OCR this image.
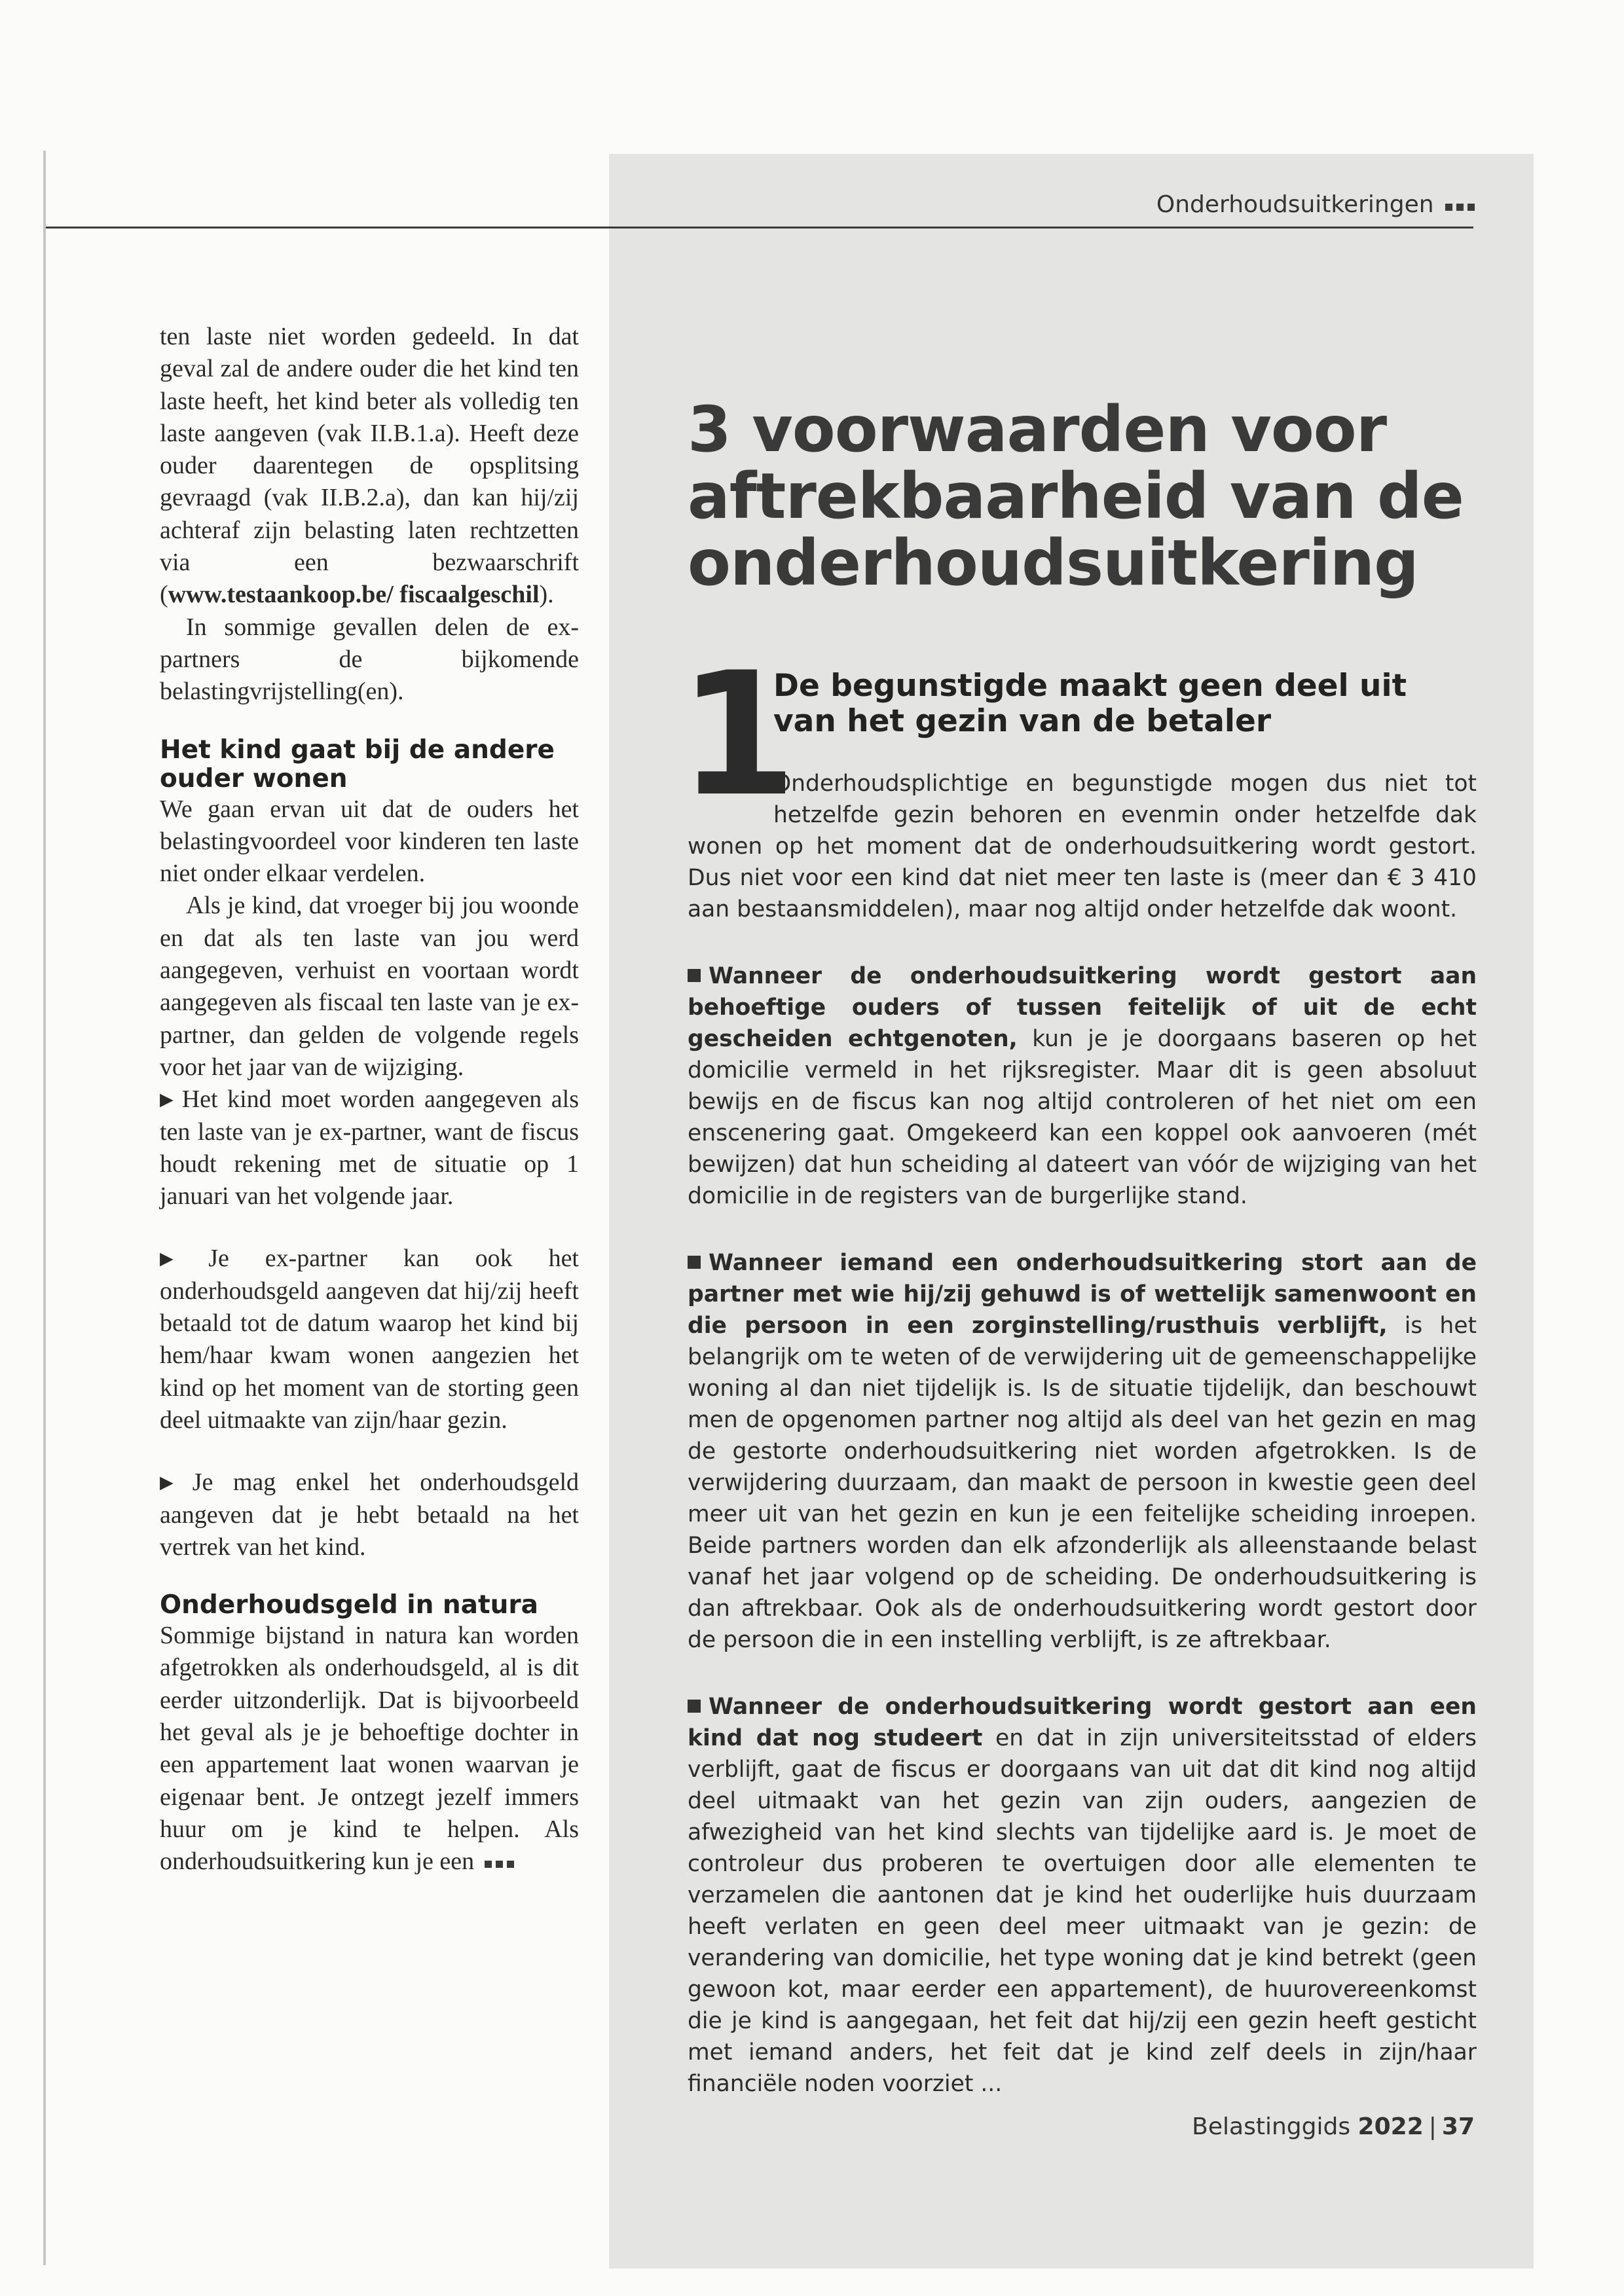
Onderhoudsuitkeringen

ten laste niet worden gedeeld. In dat geval zal de andere ouder die het kind ten laste heeft, het kind beter als volledig ten laste aangeven (vak II.B.1.a). Heeft deze ouder daarentegen de opsplitsing gevraagd (vak II.B.2.a), dan kan hij/zij achteraf zijn belasting laten rechtzetten via een bezwaarschrift (www.testaankoop.be/ fiscaalgeschil).

In sommige gevallen delen de ex-partners de bijkomende belastingvrijstelling(en).

Het kind gaat bij de andere ouder wonen

We gaan ervan uit dat de ouders het belastingvoordeel voor kinderen ten laste niet onder elkaar verdelen.

Als je kind, dat vroeger bij jou woonde en dat als ten laste van jou werd aangegeven, verhuist en voortaan wordt aangegeven als fiscaal ten laste van je ex-partner, dan gelden de volgende regels voor het jaar van de wijziging.

▶ Het kind moet worden aangegeven als ten laste van je ex-partner, want de fiscus houdt rekening met de situatie op 1 januari van het volgende jaar.

▶ Je ex-partner kan ook het onderhoudsgeld aangeven dat hij/zij heeft betaald tot de datum waarop het kind bij hem/haar kwam wonen aangezien het kind op het moment van de storting geen deel uitmaakte van zijn/haar gezin.

▶ Je mag enkel het onderhoudsgeld aangeven dat je hebt betaald na het vertrek van het kind.

Onderhoudsgeld in natura

Sommige bijstand in natura kan worden afgetrokken als onderhoudsgeld, al is dit eerder uitzonderlijk. Dat is bijvoorbeeld het geval als je je behoeftige dochter in een appartement laat wonen waarvan je eigenaar bent. Je ontzegt jezelf immers huur om je kind te helpen. Als onderhoudsuitkering kun je een

3 voorwaarden voor aftrekbaarheid van de onderhoudsuitkering
1
De begunstigde maakt geen deel uit van het gezin van de betaler

Onderhoudsplichtige en begunstigde mogen dus niet tot hetzelfde gezin behoren en evenmin onder hetzelfde dak wonen op het moment dat de onderhoudsuitkering wordt gestort. Dus niet voor een kind dat niet meer ten laste is (meer dan € 3 410 aan bestaansmiddelen), maar nog altijd onder hetzelfde dak woont.

Wanneer de onderhoudsuitkering wordt gestort aan behoeftige ouders of tussen feitelijk of uit de echt gescheiden echtgenoten, kun je je doorgaans baseren op het domicilie vermeld in het rijksregister. Maar dit is geen absoluut bewijs en de fiscus kan nog altijd controleren of het niet om een enscenering gaat. Omgekeerd kan een koppel ook aanvoeren (mét bewijzen) dat hun scheiding al dateert van vóór de wijziging van het domicilie in de registers van de burgerlijke stand.

Wanneer iemand een onderhoudsuitkering stort aan de partner met wie hij/zij gehuwd is of wettelijk samenwoont en die persoon in een zorginstelling/rusthuis verblijft, is het belangrijk om te weten of de verwijdering uit de gemeenschappelijke woning al dan niet tijdelijk is. Is de situatie tijdelijk, dan beschouwt men de opgenomen partner nog altijd als deel van het gezin en mag de gestorte onderhoudsuitkering niet worden afgetrokken. Is de verwijdering duurzaam, dan maakt de persoon in kwestie geen deel meer uit van het gezin en kun je een feitelijke scheiding inroepen. Beide partners worden dan elk afzonderlijk als alleenstaande belast vanaf het jaar volgend op de scheiding. De onderhoudsuitkering is dan aftrekbaar. Ook als de onderhoudsuitkering wordt gestort door de persoon die in een instelling verblijft, is ze aftrekbaar.

Wanneer de onderhoudsuitkering wordt gestort aan een kind dat nog studeert en dat in zijn universiteitsstad of elders verblijft, gaat de fiscus er doorgaans van uit dat dit kind nog altijd deel uitmaakt van het gezin van zijn ouders, aangezien de afwezigheid van het kind slechts van tijdelijke aard is. Je moet de controleur dus proberen te overtuigen door alle elementen te verzamelen die aantonen dat je kind het ouderlijke huis duurzaam heeft verlaten en geen deel meer uitmaakt van je gezin: de verandering van domicilie, het type woning dat je kind betrekt (geen gewoon kot, maar eerder een appartement), de huurovereenkomst die je kind is aangegaan, het feit dat hij/zij een gezin heeft gesticht met iemand anders, het feit dat je kind zelf deels in zijn/haar financiële noden voorziet ...

Belastinggids 2022 | 37
